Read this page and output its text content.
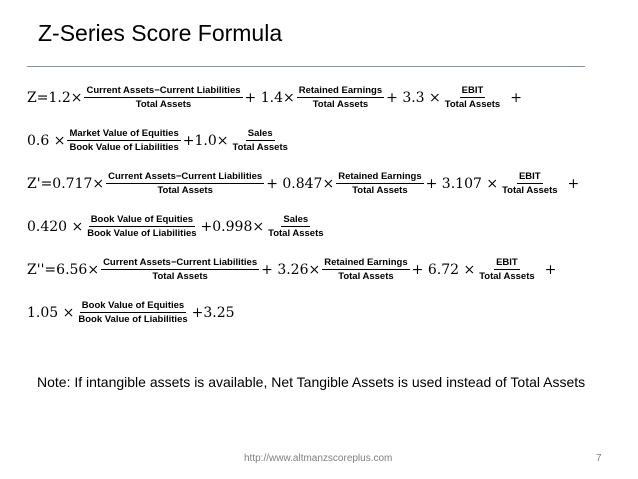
Z-Series Score Formula
$Z=1.2\times \frac{\text{Current Assets−Current Liabilities}}{\text{Total Assets}} + 1.4\times \frac{\text{Retained Earnings}}{\text{Total Assets}} + 3.3 \times \frac{\text{EBIT}}{\text{Total Assets}}$ +
$0.6 \times \frac{\text{Market Value of Equities}}{\text{Book Value of Liabilities}} +1.0\times \frac{\text{Sales}}{\text{Total Assets}}$
$Z'=0.717\times \frac{\text{Current Assets−Current Liabilities}}{\text{Total Assets}} + 0.847\times \frac{\text{Retained Earnings}}{\text{Total Assets}} + 3.107 \times \frac{\text{EBIT}}{\text{Total Assets}}$ +
$0.420 \times \frac{\text{Book Value of Equities}}{\text{Book Value of Liabilities}} +0.998\times \frac{\text{Sales}}{\text{Total Assets}}$
$Z''=6.56\times \frac{\text{Current Assets−Current Liabilities}}{\text{Total Assets}} + 3.26\times \frac{\text{Retained Earnings}}{\text{Total Assets}} + 6.72 \times \frac{\text{EBIT}}{\text{Total Assets}}$ +
$1.05 \times \frac{\text{Book Value of Equities}}{\text{Book Value of Liabilities}} +3.25$
Note: If intangible assets is available, Net Tangible Assets is used instead of Total Assets
http://www.altmanzscoreplus.com	7
